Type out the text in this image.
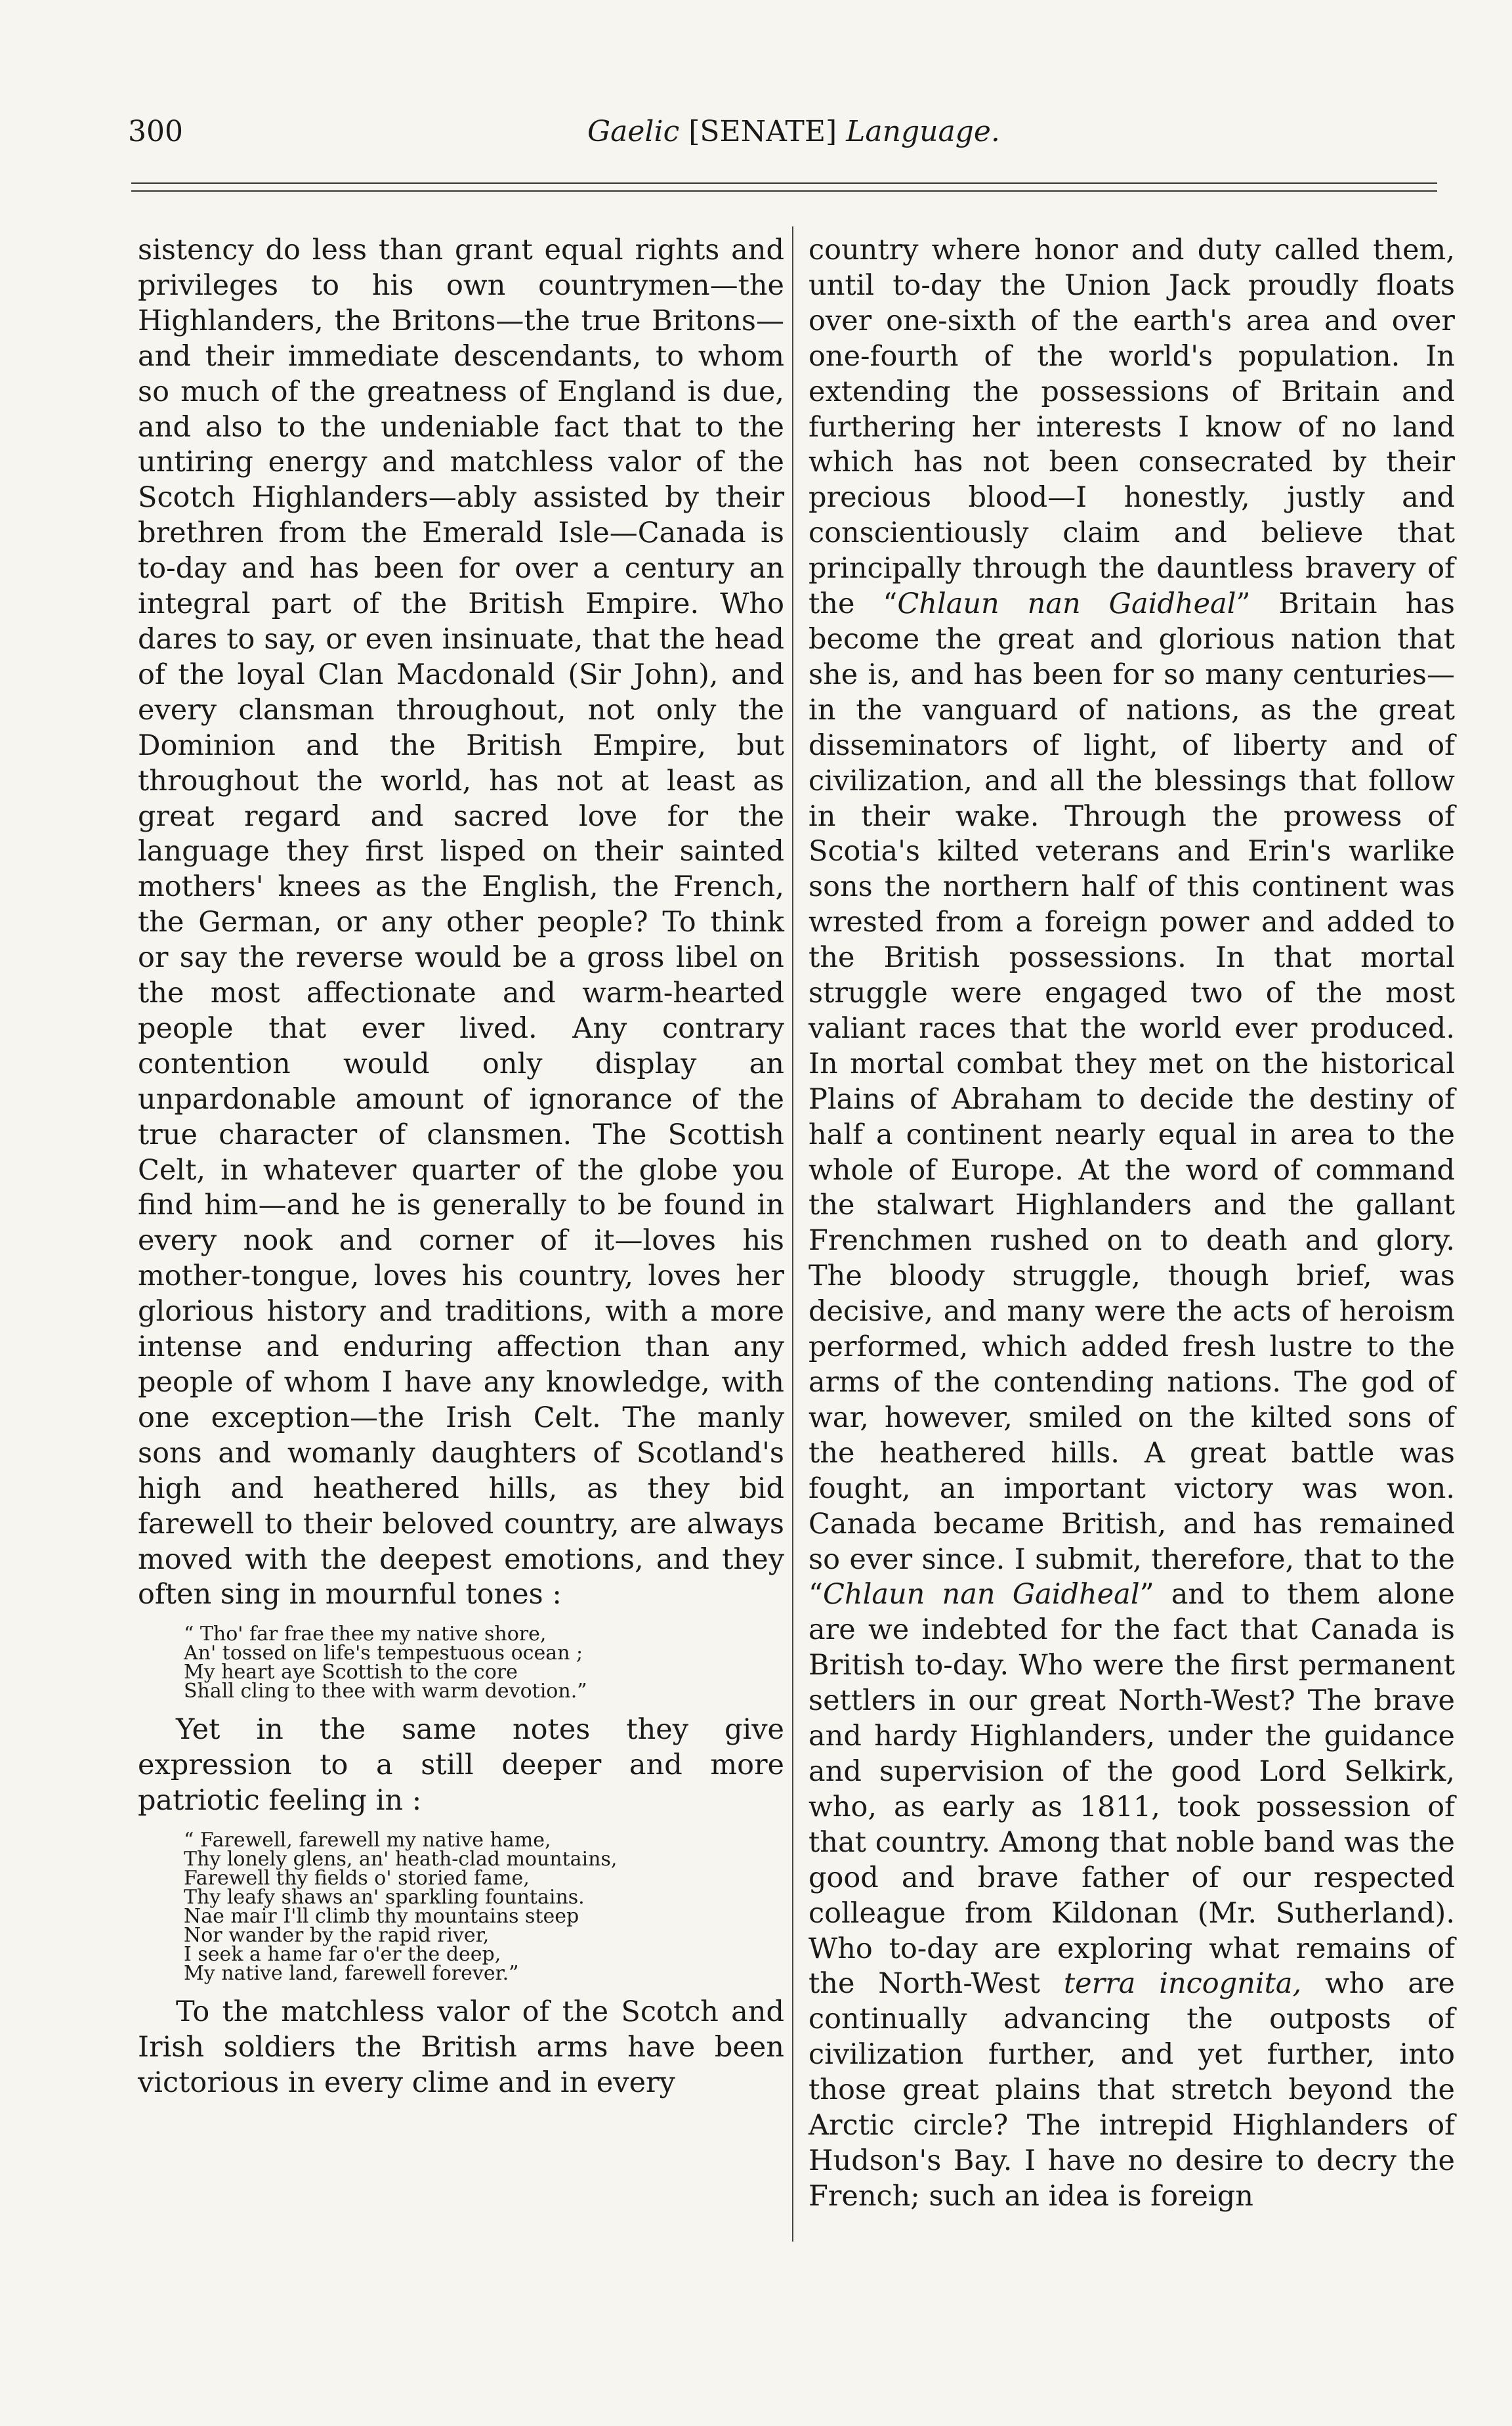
300	Gaelic [SENATE] Language.

sistency do less than grant equal rights and privileges to his own countrymen—the Highlanders, the Britons—the true Britons—and their immediate descendants, to whom so much of the greatness of England is due, and also to the undeniable fact that to the untiring energy and matchless valor of the Scotch Highlanders—ably assisted by their brethren from the Emerald Isle—Canada is to-day and has been for over a century an integral part of the British Empire. Who dares to say, or even insinuate, that the head of the loyal Clan Macdonald (Sir John), and every clansman throughout, not only the Dominion and the British Empire, but throughout the world, has not at least as great regard and sacred love for the language they first lisped on their sainted mothers' knees as the English, the French, the German, or any other people? To think or say the reverse would be a gross libel on the most affectionate and warm-hearted people that ever lived. Any contrary contention would only display an unpardonable amount of ignorance of the true character of clansmen. The Scottish Celt, in whatever quarter of the globe you find him—and he is generally to be found in every nook and corner of it—loves his mother-tongue, loves his country, loves her glorious history and traditions, with a more intense and enduring affection than any people of whom I have any knowledge, with one exception—the Irish Celt. The manly sons and womanly daughters of Scotland's high and heathered hills, as they bid farewell to their beloved country, are always moved with the deepest emotions, and they often sing in mournful tones :

“ Tho' far frae thee my native shore,
An' tossed on life's tempestuous ocean ;
My heart aye Scottish to the core
Shall cling to thee with warm devotion.”

Yet in the same notes they give expression to a still deeper and more patriotic feeling in :

“ Farewell, farewell my native hame,
Thy lonely glens, an' heath-clad mountains,
Farewell thy fields o' storied fame,
Thy leafy shaws an' sparkling fountains.
Nae mair I'll climb thy mountains steep
Nor wander by the rapid river,
I seek a hame far o'er the deep,
My native land, farewell forever.”

To the matchless valor of the Scotch and Irish soldiers the British arms have been victorious in every clime and in every

country where honor and duty called them, until to-day the Union Jack proudly floats over one-sixth of the earth's area and over one-fourth of the world's population. In extending the possessions of Britain and furthering her interests I know of no land which has not been consecrated by their precious blood—I honestly, justly and conscientiously claim and believe that principally through the dauntless bravery of the “Chlaun nan Gaidheal” Britain has become the great and glorious nation that she is, and has been for so many centuries—in the vanguard of nations, as the great disseminators of light, of liberty and of civilization, and all the blessings that follow in their wake. Through the prowess of Scotia's kilted veterans and Erin's warlike sons the northern half of this continent was wrested from a foreign power and added to the British possessions. In that mortal struggle were engaged two of the most valiant races that the world ever produced. In mortal combat they met on the historical Plains of Abraham to decide the destiny of half a continent nearly equal in area to the whole of Europe. At the word of command the stalwart Highlanders and the gallant Frenchmen rushed on to death and glory. The bloody struggle, though brief, was decisive, and many were the acts of heroism performed, which added fresh lustre to the arms of the contending nations. The god of war, however, smiled on the kilted sons of the heathered hills. A great battle was fought, an important victory was won. Canada became British, and has remained so ever since. I submit, therefore, that to the “Chlaun nan Gaidheal” and to them alone are we indebted for the fact that Canada is British to-day. Who were the first permanent settlers in our great North-West? The brave and hardy Highlanders, under the guidance and supervision of the good Lord Selkirk, who, as early as 1811, took possession of that country. Among that noble band was the good and brave father of our respected colleague from Kildonan (Mr. Sutherland). Who to-day are exploring what remains of the North-West terra incognita, who are continually advancing the outposts of civilization further, and yet further, into those great plains that stretch beyond the Arctic circle? The intrepid Highlanders of Hudson's Bay. I have no desire to decry the French; such an idea is foreign
